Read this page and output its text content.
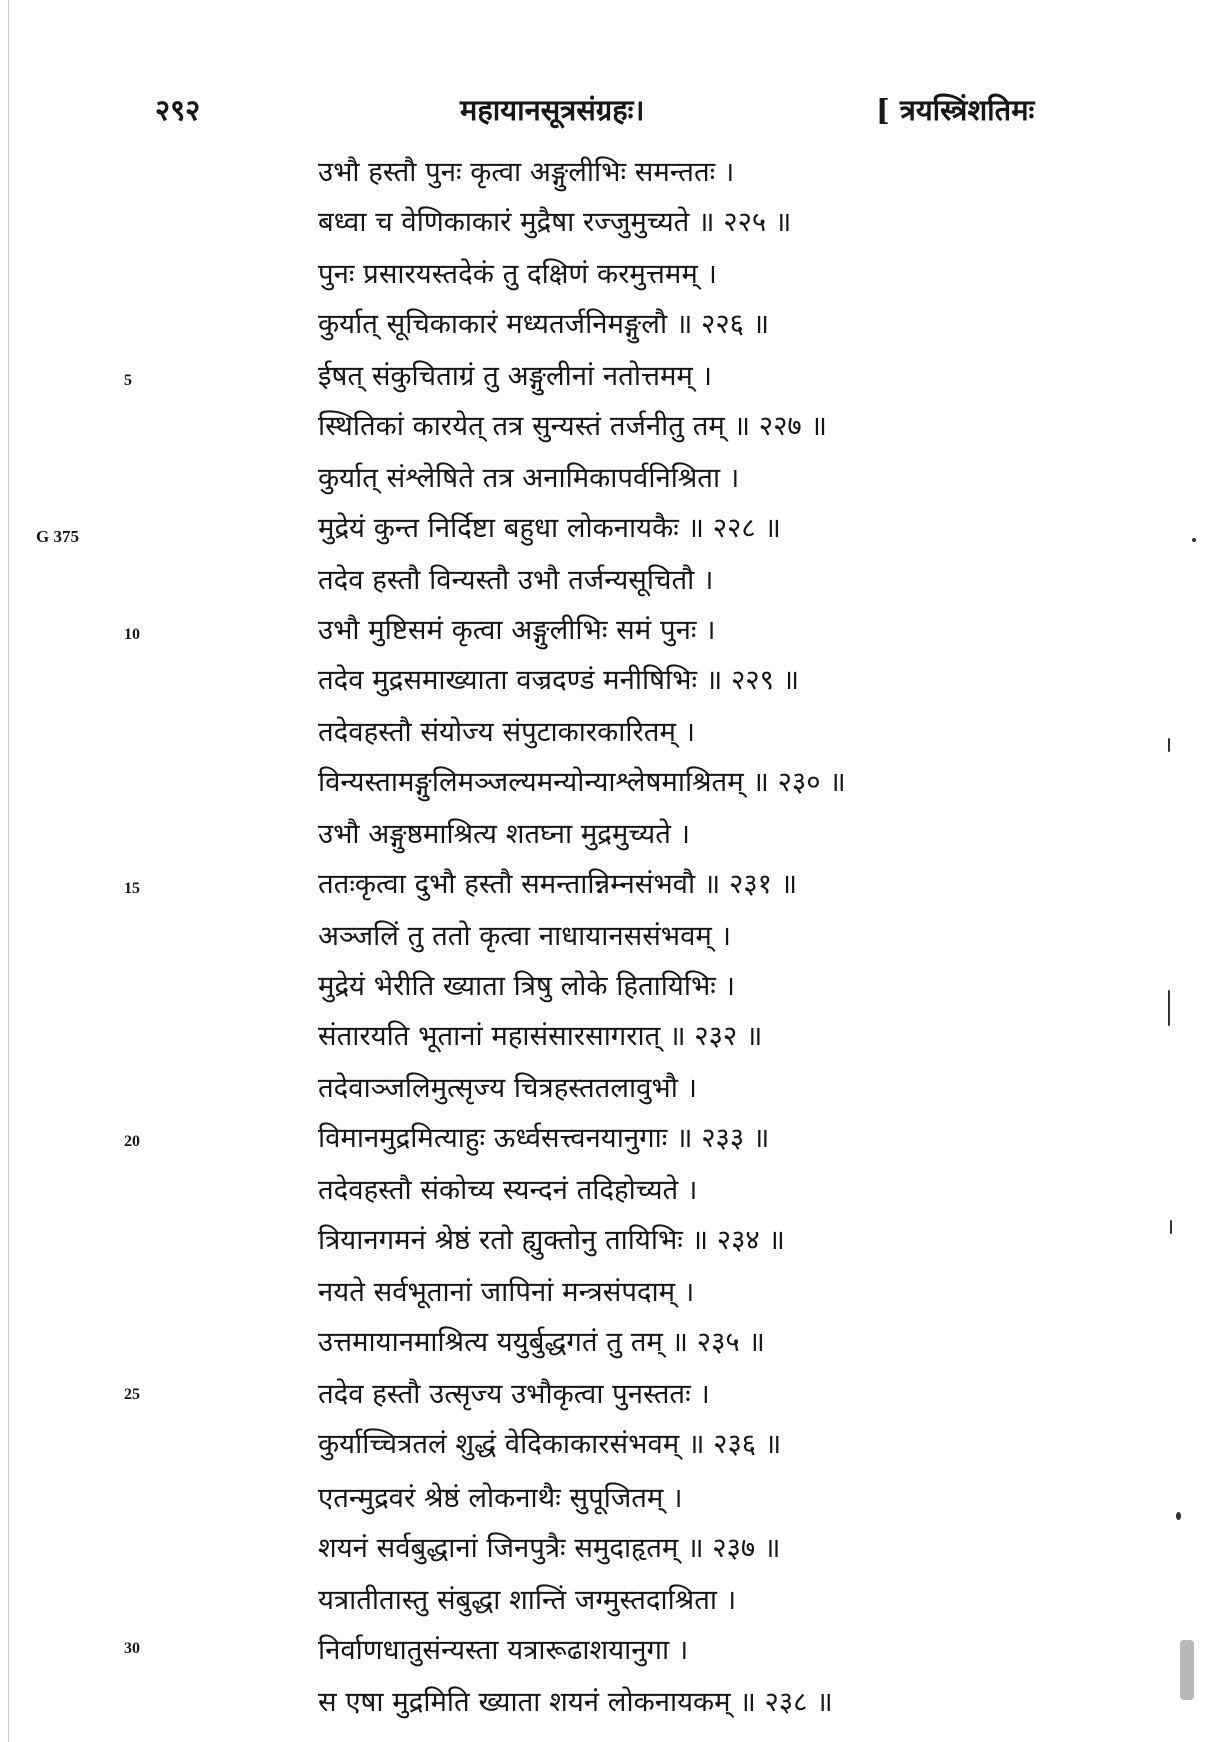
२९२	महायानसूत्रसंग्रहः।	[ त्रयस्त्रिंशतिमः
G 375
5
10
15
20
25
30
उभौ हस्तौ पुनः कृत्वा अङ्गुलीभिः समन्ततः ।
बध्वा च वेणिकाकारं मुद्रैषा रज्जुमुच्यते ॥ २२५ ॥
पुनः प्रसारयस्तदेकं तु दक्षिणं करमुत्तमम् ।
कुर्यात् सूचिकाकारं मध्यतर्जनिमङ्गुलौ ॥ २२६ ॥
ईषत् संकुचिताग्रं तु अङ्गुलीनां नतोत्तमम् ।
स्थितिकां कारयेत् तत्र सुन्यस्तं तर्जनीतु तम् ॥ २२७ ॥
कुर्यात् संश्लेषिते तत्र अनामिकापर्वनिश्रिता ।
मुद्रेयं कुन्त निर्दिष्टा बहुधा लोकनायकैः ॥ २२८ ॥
तदेव हस्तौ विन्यस्तौ उभौ तर्जन्यसूचितौ ।
उभौ मुष्टिसमं कृत्वा अङ्गुलीभिः समं पुनः ।
तदेव मुद्रसमाख्याता वज्रदण्डं मनीषिभिः ॥ २२९ ॥
तदेवहस्तौ संयोज्य संपुटाकारकारितम् ।
विन्यस्तामङ्गुलिमञ्जल्यमन्योन्याश्लेषमाश्रितम् ॥ २३० ॥
उभौ अङ्गुष्ठमाश्रित्य शतघ्ना मुद्रमुच्यते ।
ततःकृत्वा दुभौ हस्तौ समन्तान्निम्नसंभवौ ॥ २३१ ॥
अञ्जलिं तु ततो कृत्वा नाधायानससंभवम् ।
मुद्रेयं भेरीति ख्याता त्रिषु लोके हितायिभिः ।
संतारयति भूतानां महासंसारसागरात् ॥ २३२ ॥
तदेवाञ्जलिमुत्सृज्य चित्रहस्ततलावुभौ ।
विमानमुद्रमित्याहुः ऊर्ध्वसत्त्वनयानुगाः ॥ २३३ ॥
तदेवहस्तौ संकोच्य स्यन्दनं तदिहोच्यते ।
त्रियानगमनं श्रेष्ठं रतो ह्युक्तोनु तायिभिः ॥ २३४ ॥
नयते सर्वभूतानां जापिनां मन्त्रसंपदाम् ।
उत्तमायानमाश्रित्य ययुर्बुद्धगतं तु तम् ॥ २३५ ॥
तदेव हस्तौ उत्सृज्य उभौकृत्वा पुनस्ततः ।
कुर्याच्चित्रतलं शुद्धं वेदिकाकारसंभवम् ॥ २३६ ॥
एतन्मुद्रवरं श्रेष्ठं लोकनाथैः सुपूजितम् ।
शयनं सर्वबुद्धानां जिनपुत्रैः समुदाहृतम् ॥ २३७ ॥
यत्रातीतास्तु संबुद्धा शान्तिं जग्मुस्तदाश्रिता ।
निर्वाणधातुसंन्यस्ता यत्रारूढाशयानुगा ।
स एषा मुद्रमिति ख्याता शयनं लोकनायकम् ॥ २३८ ॥
